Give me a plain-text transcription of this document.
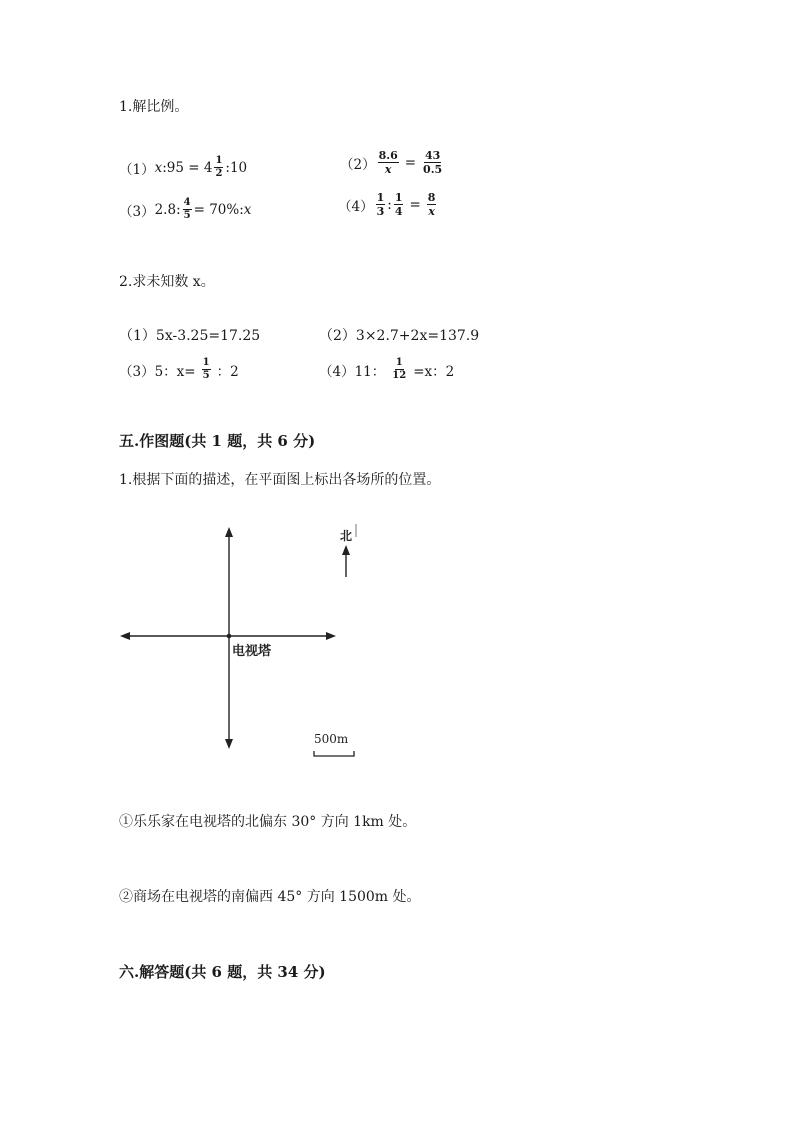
1.解比例。
（1） x :95 = $4 \frac{1}{2}$ :10	$(2) \frac{8.6}{x} = \frac{43}{0.5}$
（3） 2.8: $\frac{4}{5} = 70\%$: x	$(4) \frac{1}{3}$ : $\frac{1}{4} = \frac{8}{x}$
2.求未知数 x。
（1）5x-3.25=17.25	（2）3×2.7+2x=137.9
（3）5：$x= \frac{1}{5}$ ：2	（4）11： $\frac{1}{12} =x$：2
五.作图题(共 1 题，共 6 分)
1.根据下面的描述，在平面图上标出各场所的位置。
电视塔
北
500m
①乐乐家在电视塔的北偏东 30° 方向 1km 处。
②商场在电视塔的南偏西 45° 方向 1500m 处。
六.解答题(共 6 题，共 34 分)
